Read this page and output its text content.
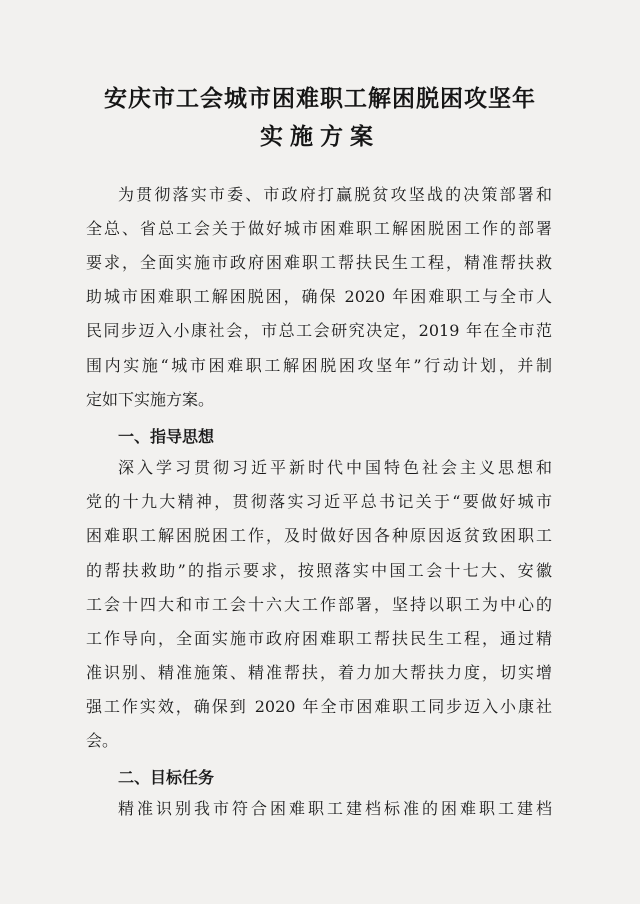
安庆市工会城市困难职工解困脱困攻坚年
实施方案
为贯彻落实市委、市政府打赢脱贫攻坚战的决策部署和
全总、省总工会关于做好城市困难职工解困脱困工作的部署
要求，全面实施市政府困难职工帮扶民生工程，精准帮扶救
助城市困难职工解困脱困，确保 2020 年困难职工与全市人
民同步迈入小康社会，市总工会研究决定，2019 年在全市范
围内实施“城市困难职工解困脱困攻坚年”行动计划，并制
定如下实施方案。
一、指导思想
深入学习贯彻习近平新时代中国特色社会主义思想和
党的十九大精神，贯彻落实习近平总书记关于“要做好城市
困难职工解困脱困工作，及时做好因各种原因返贫致困职工
的帮扶救助”的指示要求，按照落实中国工会十七大、安徽
工会十四大和市工会十六大工作部署，坚持以职工为中心的
工作导向，全面实施市政府困难职工帮扶民生工程，通过精
准识别、精准施策、精准帮扶，着力加大帮扶力度，切实增
强工作实效，确保到 2020 年全市困难职工同步迈入小康社
会。
二、目标任务
精准识别我市符合困难职工建档标准的困难职工建档
